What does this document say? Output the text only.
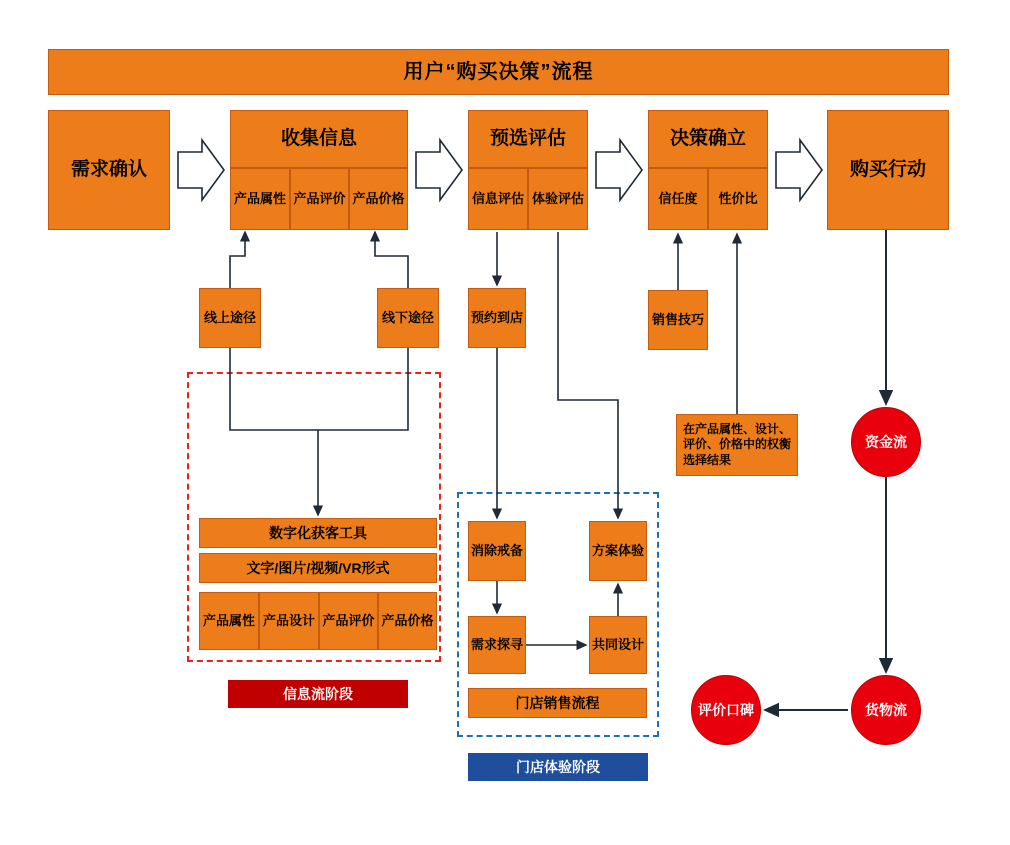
用户“购买决策”流程
需求确认
收集信息
产品属性 产品评价 产品价格
预选评估
信息评估 体验评估
决策确立
信任度	性价比
购买行动
线上途径	线下途径	预约到店	销售技巧
在产品属性、设计、评价、价格中的权衡选择结果
数字化获客工具
文字/图片/视频/VR形式
产品属性 产品设计 产品评价 产品价格
信息流阶段
消除戒备	方案体验
需求探寻	共同设计
门店销售流程
门店体验阶段
资金流
货物流
评价口碑
